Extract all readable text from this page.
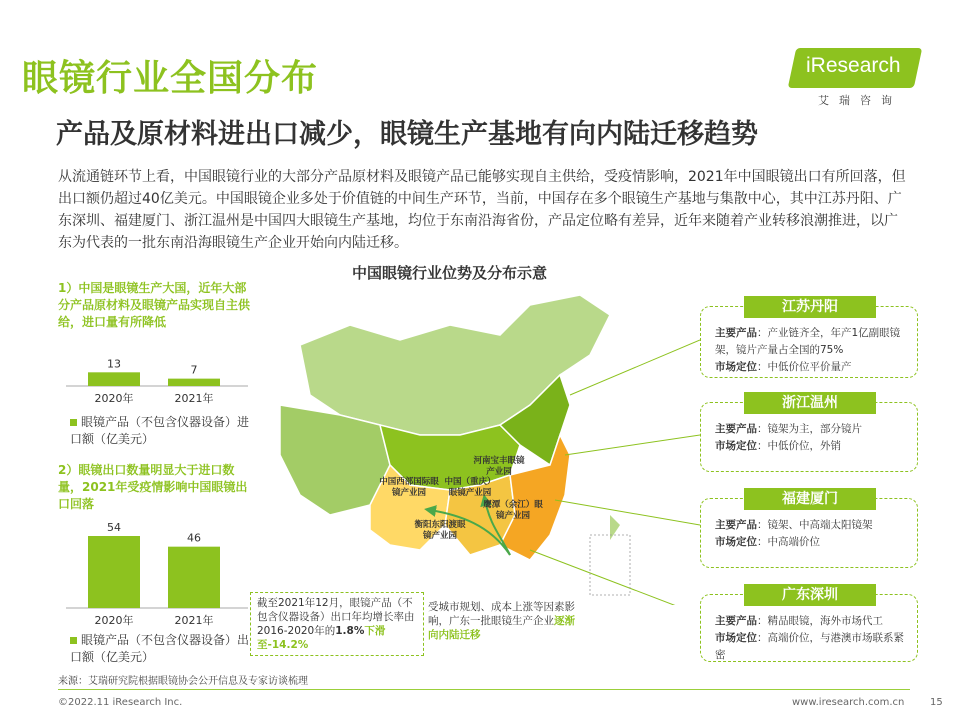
眼镜行业全国分布
产品及原材料进出口减少，眼镜生产基地有向内陆迁移趋势
iResearch
艾瑞咨询
从流通链环节上看，中国眼镜行业的大部分产品原材料及眼镜产品已能够实现自主供给，受疫情影响，2021年中国眼镜出口有所回落，但出口额仍超过40亿美元。中国眼镜企业多处于价值链的中间生产环节，当前，中国存在多个眼镜生产基地与集散中心，其中江苏丹阳、广东深圳、福建厦门、浙江温州是中国四大眼镜生产基地，均位于东南沿海省份，产品定位略有差异，近年来随着产业转移浪潮推进，以广东为代表的一批东南沿海眼镜生产企业开始向内陆迁移。
中国眼镜行业位势及分布示意
1）中国是眼镜生产大国，近年大部分产品原材料及眼镜产品实现自主供给，进口量有所降低
13
2020年
7
2021年
眼镜产品（不包含仪器设备）进口额（亿美元）
2）眼镜出口数量明显大于进口数量，2021年受疫情影响中国眼镜出口回落
54
2020年
46
2021年
眼镜产品（不包含仪器设备）出口额（亿美元）
截至2021年12月，眼镜产品（不包含仪器设备）出口年均增长率由2016-2020年的1.8%下滑至-14.2%
河南宝丰眼镜产业园
中国西部国际眼镜产业园
中国（重庆）眼镜产业园
衡阳东阳渡眼镜产业园
鹰潭（余江）眼镜产业园
受城市规划、成本上涨等因素影响，广东一批眼镜生产企业逐渐向内陆迁移
江苏丹阳
主要产品：产业链齐全，年产1亿副眼镜架，镜片产量占全国的75%
市场定位：中低价位平价量产
浙江温州
主要产品：镜架为主，部分镜片
市场定位：中低价位，外销
福建厦门
主要产品：镜架、中高端太阳镜架
市场定位：中高端价位
广东深圳
主要产品：精品眼镜，海外市场代工
市场定位：高端价位，与港澳市场联系紧密
来源：艾瑞研究院根据眼镜协会公开信息及专家访谈梳理
©2022.11 iResearch Inc.	www.iresearch.com.cn	15
